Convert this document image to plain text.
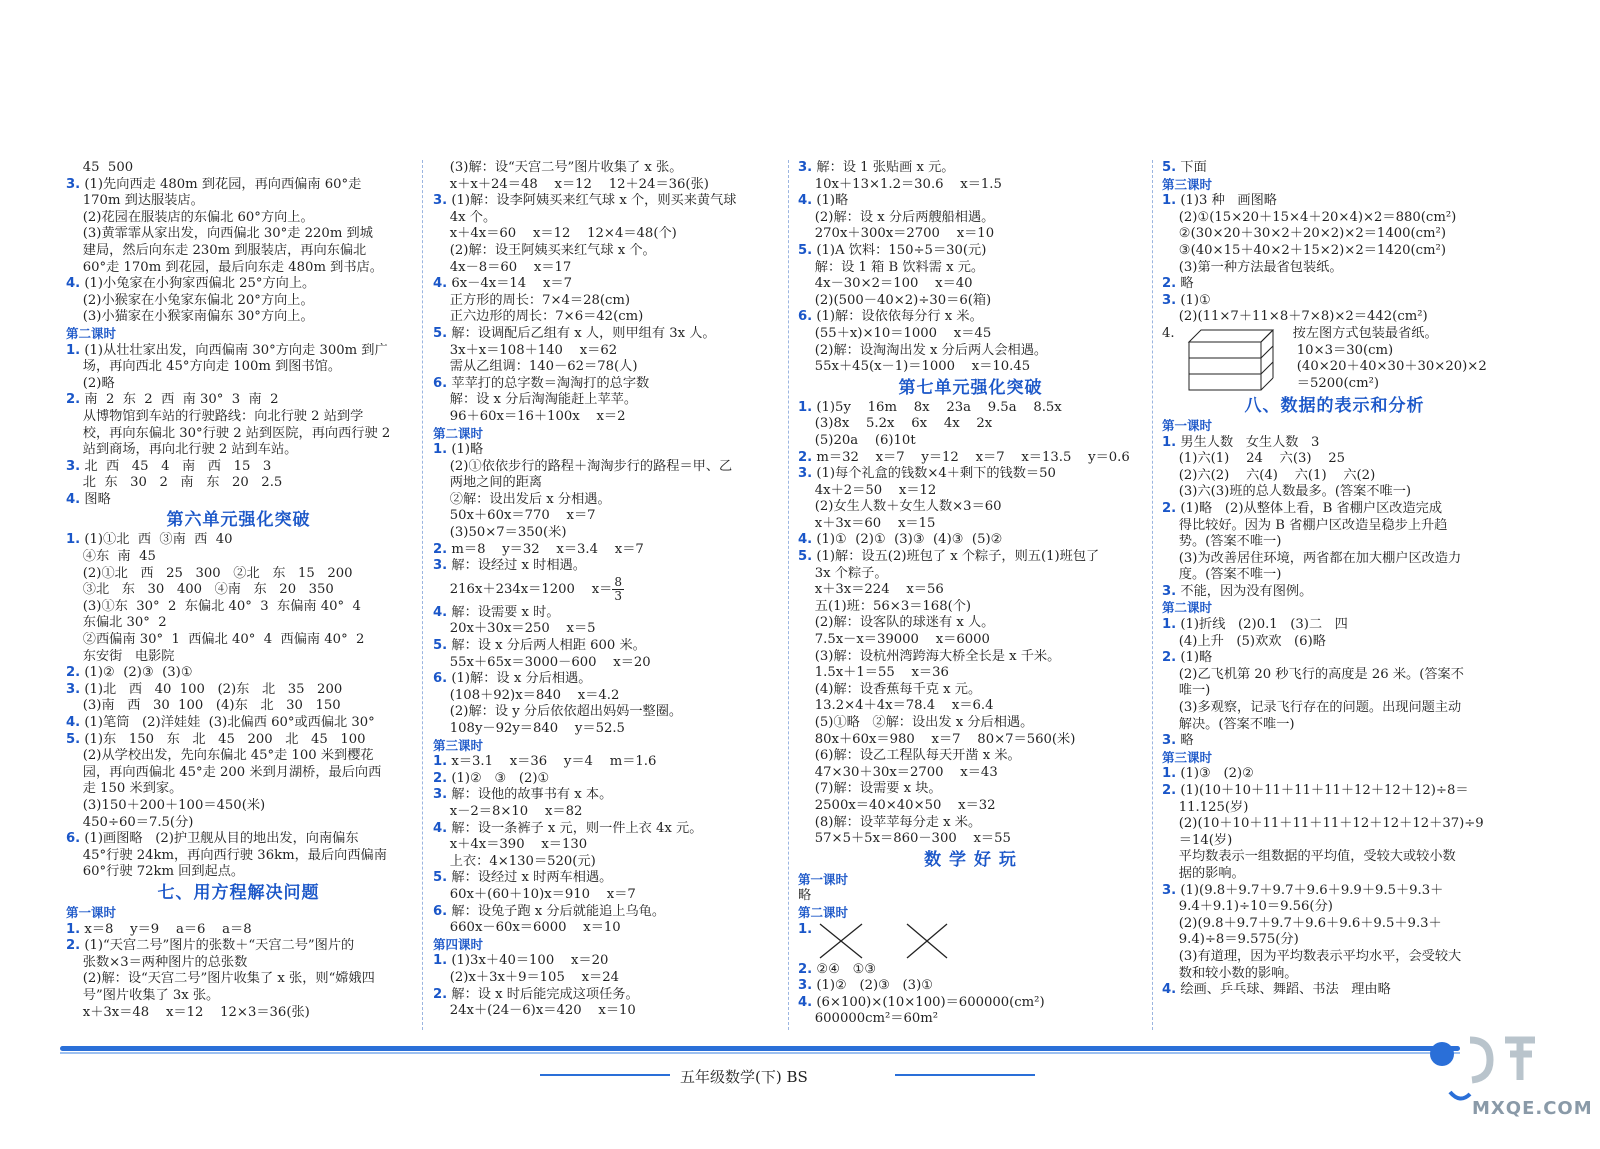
45  500
3. (1)先向西走 480m 到花园，再向西偏南 60°走
170m 到达服装店。
(2)花园在服装店的东偏北 60°方向上。
(3)黄霏霏从家出发，向西偏北 30°走 220m 到城
建局，然后向东走 230m 到服装店，再向东偏北
60°走 170m 到花园，最后向东走 480m 到书店。
4. (1)小兔家在小狗家西偏北 25°方向上。
(2)小猴家在小兔家东偏北 20°方向上。
(3)小猫家在小猴家南偏东 30°方向上。
第二课时
1. (1)从壮壮家出发，向西偏南 30°方向走 300m 到广
场，再向西北 45°方向走 100m 到图书馆。
(2)略
2. 南  2  东  2  西  南 30°  3  南  2
从博物馆到车站的行驶路线：向北行驶 2 站到学
校，再向东偏北 30°行驶 2 站到医院，再向西行驶 2
站到商场，再向北行驶 2 站到车站。
3. 北  西   45   4   南   西   15   3
北  东   30   2   南   东   20   2.5
4. 图略
第六单元强化突破
1. (1)①北  西  ③南  西  40
④东  南  45
(2)①北   西   25   300   ②北   东   15   200
③北   东   30   400   ④南   东   20   350
(3)①东  30°  2  东偏北 40°  3  东偏南 40°  4
东偏北 30°  2
②西偏南 30°  1  西偏北 40°  4  西偏南 40°  2
东安街   电影院
2. (1)②  (2)③  (3)①
3. (1)北   西   40  100   (2)东   北   35   200
(3)南   西   30  100   (4)东   北   30   150
4. (1)笔筒   (2)洋娃娃  (3)北偏西 60°或西偏北 30°
5. (1)东   150   东   北   45   200   北   45   100
(2)从学校出发，先向东偏北 45°走 100 米到樱花
园，再向西偏北 45°走 200 米到月湖桥，最后向西
走 150 米到家。
(3)150＋200＋100＝450(米)
450÷60＝7.5(分)
6. (1)画图略   (2)护卫舰从目的地出发，向南偏东
45°行驶 24km，再向西行驶 36km，最后向西偏南
60°行驶 72km 回到起点。
七、用方程解决问题
第一课时
1. x＝8    y＝9    a＝6    a＝8
2. (1)“天宫二号”图片的张数＋“天宫二号”图片的
张数×3＝两种图片的总张数
(2)解：设“天宫二号”图片收集了 x 张，则“嫦娥四
号”图片收集了 3x 张。
x＋3x＝48    x＝12    12×3＝36(张)
(3)解：设“天宫二号”图片收集了 x 张。
x＋x＋24＝48    x＝12    12＋24＝36(张)
3. (1)解：设李阿姨买来红气球 x 个，则买来黄气球
4x 个。
x＋4x＝60    x＝12    12×4＝48(个)
(2)解：设王阿姨买来红气球 x 个。
4x－8＝60    x＝17
4. 6x－4x＝14    x＝7
正方形的周长：7×4＝28(cm)
正六边形的周长：7×6＝42(cm)
5. 解：设调配后乙组有 x 人，则甲组有 3x 人。
3x＋x＝108＋140    x＝62
需从乙组调：140－62＝78(人)
6. 苹苹打的总字数＝淘淘打的总字数
解：设 x 分后淘淘能赶上苹苹。
96＋60x＝16＋100x    x＝2
第二课时
1. (1)略
(2)①依依步行的路程＋淘淘步行的路程＝甲、乙
两地之间的距离
②解：设出发后 x 分相遇。
50x＋60x＝770    x＝7
(3)50×7＝350(米)
2. m＝8    y＝32    x＝3.4    x＝7
3. 解：设经过 x 时相遇。
216x＋234x＝1200    $x= \frac{8}{3}$
4. 解：设需要 x 时。
20x＋30x＝250    x＝5
5. 解：设 x 分后两人相距 600 米。
55x＋65x＝3000－600    x＝20
6. (1)解：设 x 分后相遇。
(108＋92)x＝840    x＝4.2
(2)解：设 y 分后依依超出妈妈一整圈。
108y－92y＝840    y＝52.5
第三课时
1. x＝3.1    x＝36    y＝4    m＝1.6
2. (1)②   ③   (2)①
3. 解：设他的故事书有 x 本。
x－2＝8×10    x＝82
4. 解：设一条裤子 x 元，则一件上衣 4x 元。
x＋4x＝390    x＝130
上衣：4×130＝520(元)
5. 解：设经过 x 时两车相遇。
60x＋(60＋10)x＝910    x＝7
6. 解：设兔子跑 x 分后就能追上乌龟。
660x－60x＝6000    x＝10
第四课时
1. (1)3x＋40＝100    x＝20
(2)x＋3x＋9＝105    x＝24
2. 解：设 x 时后能完成这项任务。
24x＋(24－6)x＝420    x＝10
3. 解：设 1 张贴画 x 元。
10x＋13×1.2＝30.6    x＝1.5
4. (1)略
(2)解：设 x 分后两艘船相遇。
270x＋300x＝2700    x＝10
5. (1)A 饮料：150÷5＝30(元)
解：设 1 箱 B 饮料需 x 元。
4x－30×2＝100    x＝40
(2)(500－40×2)÷30＝6(箱)
6. (1)解：设依依每分行 x 米。
(55＋x)×10＝1000    x＝45
(2)解：设淘淘出发 x 分后两人会相遇。
55x＋45(x－1)＝1000    x＝10.45
第七单元强化突破
1. (1)5y    16m    8x    23a    9.5a    8.5x
(3)8x    5.2x    6x    4x    2x
(5)20a    (6)10t
2. m＝32    x＝7    y＝12    x＝7    x＝13.5    y＝0.6
3. (1)每个礼盒的钱数×4＋剩下的钱数＝50
4x＋2＝50    x＝12
(2)女生人数＋女生人数×3＝60
x＋3x＝60    x＝15
4. (1)①  (2)①  (3)③  (4)③  (5)②
5. (1)解：设五(2)班包了 x 个粽子，则五(1)班包了
3x 个粽子。
x＋3x＝224    x＝56
五(1)班：56×3＝168(个)
(2)解：设客队的球迷有 x 人。
7.5x－x＝39000    x＝6000
(3)解：设杭州湾跨海大桥全长是 x 千米。
1.5x＋1＝55    x＝36
(4)解：设香蕉每千克 x 元。
13.2×4＋4x＝78.4    x＝6.4
(5)①略   ②解：设出发 x 分后相遇。
80x＋60x＝980    x＝7    80×7＝560(米)
(6)解：设乙工程队每天开凿 x 米。
47×30＋30x＝2700    x＝43
(7)解：设需要 x 块。
2500x＝40×40×50    x＝32
(8)解：设苹苹每分走 x 米。
57×5＋5x＝860－300    x＝55
数 学 好 玩
第一课时
略
第二课时
1.
2. ②④   ①③
3. (1)②   (2)③   (3)①
4. (6×100)×(10×100)＝600000(cm²)
600000cm²＝60m²
5. 下面
第三课时
1. (1)3 种   画图略
(2)①(15×20＋15×4＋20×4)×2＝880(cm²)
②(30×20＋30×2＋20×2)×2＝1400(cm²)
③(40×15＋40×2＋15×2)×2＝1420(cm²)
(3)第一种方法最省包装纸。
2. 略
3. (1)①
(2)(11×7＋11×8＋7×8)×2＝442(cm²)
4.	按左图方式包装最省纸。
10×3＝30(cm)
(40×20＋40×30＋30×20)×2
＝5200(cm²)
八、数据的表示和分析
第一课时
1. 男生人数   女生人数   3
(1)六(1)    24    六(3)    25
(2)六(2)    六(4)    六(1)    六(2)
(3)六(3)班的总人数最多。(答案不唯一)
2. (1)略   (2)从整体上看，B 省棚户区改造完成
得比较好。因为 B 省棚户区改造呈稳步上升趋
势。(答案不唯一)
(3)为改善居住环境，两省都在加大棚户区改造力
度。(答案不唯一)
3. 不能，因为没有图例。
第二课时
1. (1)折线   (2)0.1   (3)二   四
(4)上升   (5)欢欢   (6)略
2. (1)略
(2)乙飞机第 20 秒飞行的高度是 26 米。(答案不
唯一)
(3)多观察，记录飞行存在的问题。出现问题主动
解决。(答案不唯一)
3. 略
第三课时
1. (1)③   (2)②
2. (1)(10＋10＋11＋11＋11＋12＋12＋12)÷8＝
11.125(岁)
(2)(10＋10＋11＋11＋11＋12＋12＋12＋37)÷9
＝14(岁)
平均数表示一组数据的平均值，受较大或较小数
据的影响。
3. (1)(9.8＋9.7＋9.7＋9.6＋9.9＋9.5＋9.3＋
9.4＋9.1)÷10＝9.56(分)
(2)(9.8＋9.7＋9.7＋9.6＋9.6＋9.5＋9.3＋
9.4)÷8＝9.575(分)
(3)有道理，因为平均数表示平均水平，会受较大
数和较小数的影响。
4. 绘画、乒乓球、舞蹈、书法   理由略
五年级数学(下) BS
MXQE.COM
